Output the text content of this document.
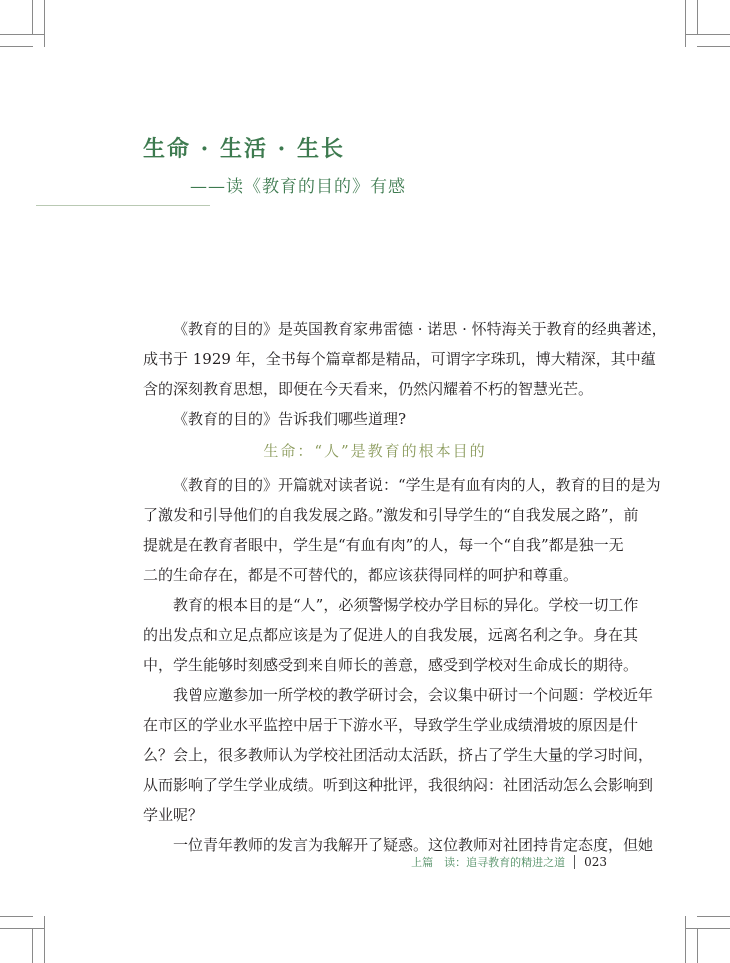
生命 · 生活 · 生长
——读《教育的目的》有感

《教育的目的》是英国教育家弗雷德 · 诺思 · 怀特海关于教育的经典著述，
成书于 1929 年，全书每个篇章都是精品，可谓字字珠玑，博大精深，其中蕴
含的深刻教育思想，即便在今天看来，仍然闪耀着不朽的智慧光芒。

《教育的目的》告诉我们哪些道理?

生命：“人”是教育的根本目的

《教育的目的》开篇就对读者说：“学生是有血有肉的人，教育的目的是为
了激发和引导他们的自我发展之路。”激发和引导学生的“自我发展之路”，前
提就是在教育者眼中，学生是“有血有肉”的人，每一个“自我”都是独一无
二的生命存在，都是不可替代的，都应该获得同样的呵护和尊重。

教育的根本目的是“人”，必须警惕学校办学目标的异化。学校一切工作
的出发点和立足点都应该是为了促进人的自我发展，远离名利之争。身在其
中，学生能够时刻感受到来自师长的善意，感受到学校对生命成长的期待。

我曾应邀参加一所学校的教学研讨会，会议集中研讨一个问题：学校近年
在市区的学业水平监控中居于下游水平，导致学生学业成绩滑坡的原因是什
么？会上，很多教师认为学校社团活动太活跃，挤占了学生大量的学习时间，
从而影响了学生学业成绩。听到这种批评，我很纳闷：社团活动怎么会影响到
学业呢？

一位青年教师的发言为我解开了疑惑。这位教师对社团持肯定态度，但她

上篇　读：追寻教育的精进之道 023
